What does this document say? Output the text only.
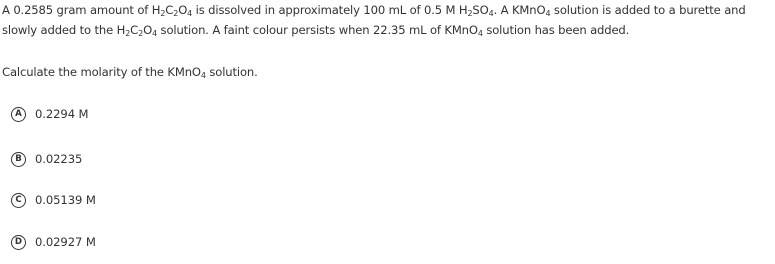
A 0.2585 gram amount of $H_2C_2O_4$ is dissolved in approximately 100 mL of 0.5 M $H_2SO_4$. A KMnO$_4$ solution is added to a burette and
slowly added to the $H_2C_2O_4$ solution. A faint colour persists when 22.35 mL of KMnO$_4$ solution has been added.
Calculate the molarity of the KMnO$_4$ solution.
A	0.2294 M
B	0.02235
C	0.05139 M
D	0.02927 M
